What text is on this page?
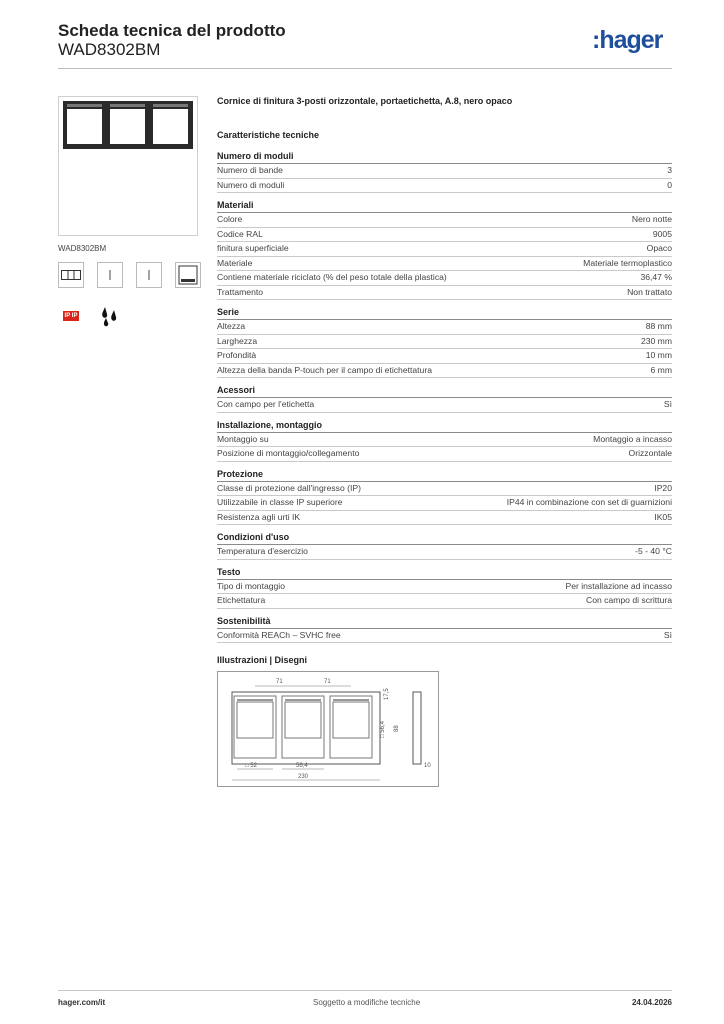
Scheda tecnica del prodotto
WAD8302BM	:hager
WAD8302BM
IP IP
Cornice di finitura 3-posti orizzontale, portaetichetta, A.8, nero opaco
Caratteristiche tecniche
Numero di moduli
Numero di bande	3
Numero di moduli	0
Materiali
Colore	Nero notte
Codice RAL	9005
finitura superficiale	Opaco
Materiale	Materiale termoplastico
Contiene materiale riciclato (% del peso totale della plastica)	36,47 %
Trattamento	Non trattato
Serie
Altezza	88 mm
Larghezza	230 mm
Profondità	10 mm
Altezza della banda P-touch per il campo di etichettatura	6 mm
Acessori
Con campo per l'etichetta	Sì
Installazione, montaggio
Montaggio su	Montaggio a incasso
Posizione di montaggio/collegamento	Orizzontale
Protezione
Classe di protezione dall'ingresso (IP)	IP20
Utilizzabile in classe IP superiore	IP44 in combinazione con set di guarnizioni
Resistenza agli urti IK	IK05
Condizioni d'uso
Temperatura d'esercizio	-5 - 40 °C
Testo
Tipo di montaggio	Per installazione ad incasso
Etichettatura	Con campo di scrittura
Sostenibilità
Conformità REACh – SVHC free	Sì
Illustrazioni | Disegni
71	71
17,5
□ 56,4 88
□ 52	56,4
230
10
hager.com/it	Soggetto a modifiche tecniche	24.04.2026
